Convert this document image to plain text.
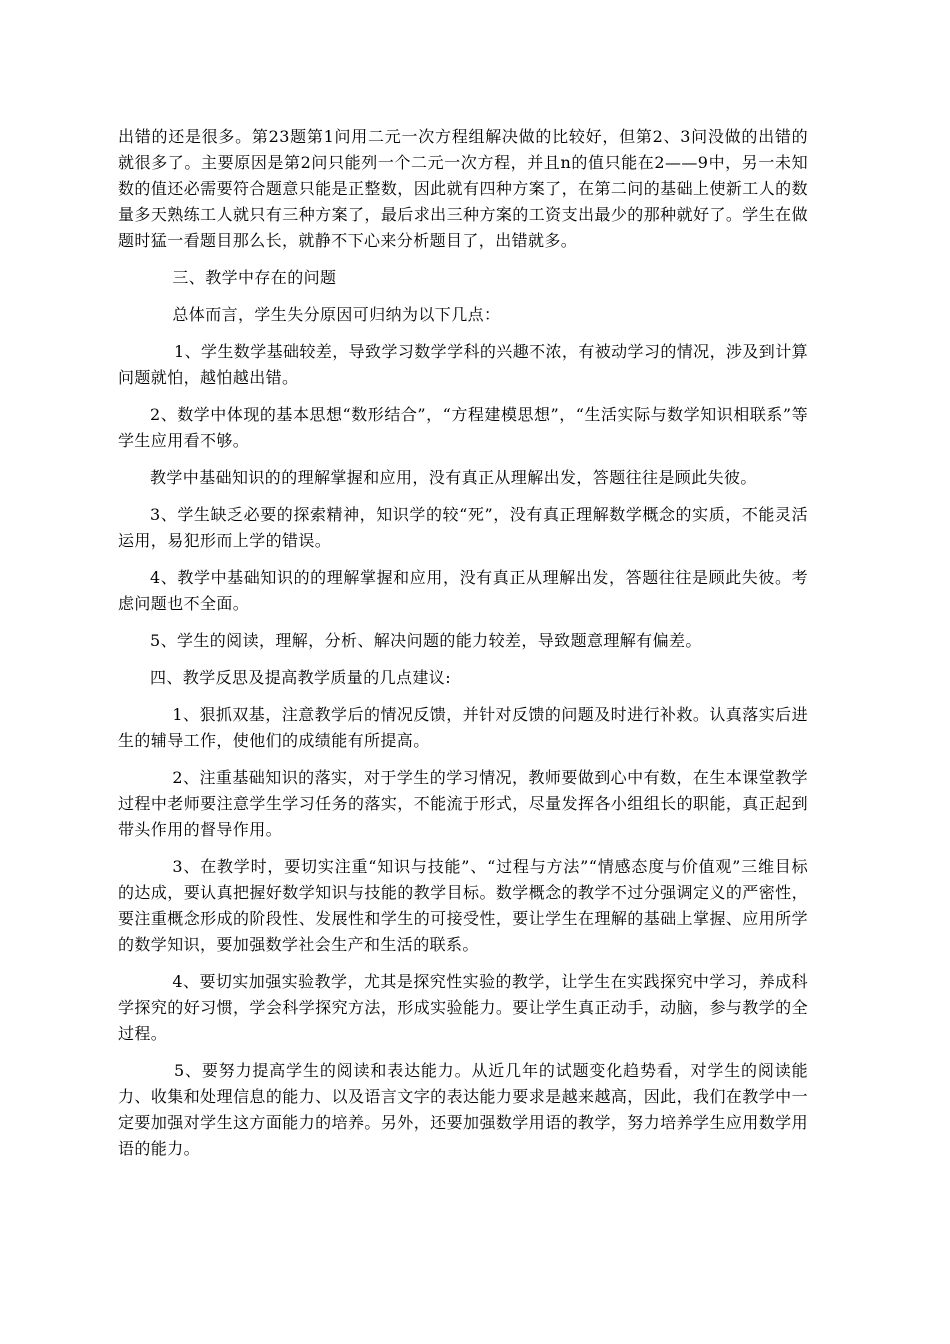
出错的还是很多。第23题第1问用二元一次方程组解决做的比较好，但第2、3问没做的出错的就很多了。主要原因是第2问只能列一个二元一次方程，并且n的值只能在2——9中，另一未知数的值还必需要符合题意只能是正整数，因此就有四种方案了，在第二问的基础上使新工人的数量多天熟练工人就只有三种方案了，最后求出三种方案的工资支出最少的那种就好了。学生在做题时猛一看题目那么长，就静不下心来分析题目了，出错就多。

三、教学中存在的问题

总体而言，学生失分原因可归纳为以下几点：

1、学生数学基础较差，导致学习数学学科的兴趣不浓，有被动学习的情况，涉及到计算问题就怕，越怕越出错。

2、数学中体现的基本思想“数形结合”，“方程建模思想”，“生活实际与数学知识相联系”等学生应用看不够。

教学中基础知识的的理解掌握和应用，没有真正从理解出发，答题往往是顾此失彼。

3、学生缺乏必要的探索精神，知识学的较“死”，没有真正理解数学概念的实质，不能灵活运用，易犯形而上学的错误。

4、教学中基础知识的的理解掌握和应用，没有真正从理解出发，答题往往是顾此失彼。考虑问题也不全面。

5、学生的阅读，理解，分析、解决问题的能力较差，导致题意理解有偏差。

四、教学反思及提高教学质量的几点建议:

1、狠抓双基，注意教学后的情况反馈，并针对反馈的问题及时进行补救。认真落实后进生的辅导工作，使他们的成绩能有所提高。

2、注重基础知识的落实，对于学生的学习情况，教师要做到心中有数，在生本课堂教学过程中老师要注意学生学习任务的落实，不能流于形式，尽量发挥各小组组长的职能，真正起到带头作用的督导作用。

3、在教学时，要切实注重“知识与技能”、“过程与方法”“情感态度与价值观”三维目标的达成，要认真把握好数学知识与技能的教学目标。数学概念的教学不过分强调定义的严密性，要注重概念形成的阶段性、发展性和学生的可接受性，要让学生在理解的基础上掌握、应用所学的数学知识，要加强数学社会生产和生活的联系。

4、要切实加强实验教学，尤其是探究性实验的教学，让学生在实践探究中学习，养成科学探究的好习惯，学会科学探究方法，形成实验能力。要让学生真正动手，动脑，参与教学的全过程。

5、要努力提高学生的阅读和表达能力。从近几年的试题变化趋势看，对学生的阅读能力、收集和处理信息的能力、以及语言文字的表达能力要求是越来越高，因此，我们在教学中一定要加强对学生这方面能力的培养。另外，还要加强数学用语的教学，努力培养学生应用数学用语的能力。
